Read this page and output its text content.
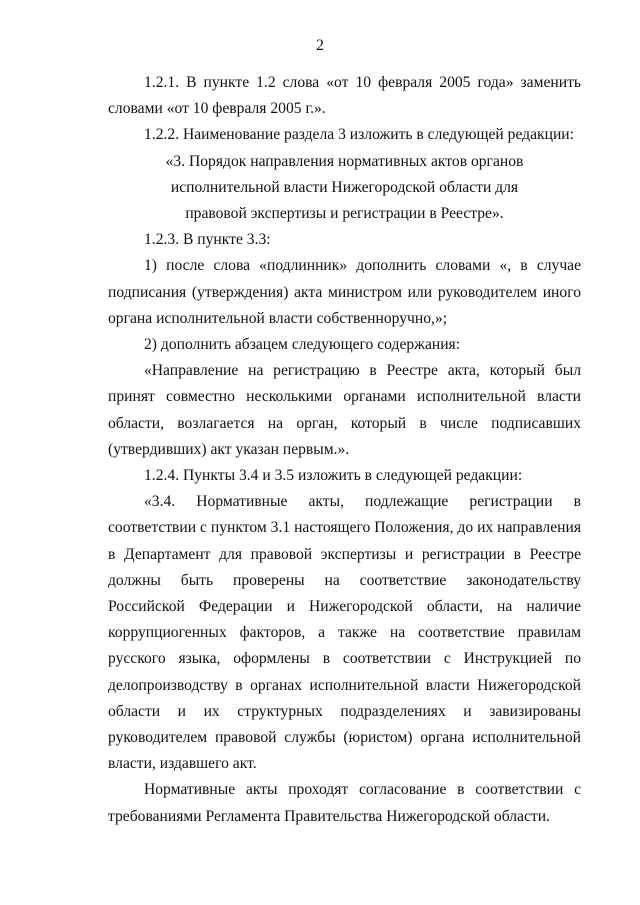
2

1.2.1. В пункте 1.2 слова «от 10 февраля 2005 года» заменить словами «от 10 февраля 2005 г.».

1.2.2. Наименование раздела 3 изложить в следующей редакции:

«3. Порядок направления нормативных актов органов исполнительной власти Нижегородской области для правовой экспертизы и регистрации в Реестре».

1.2.3. В пункте 3.3:

1) после слова «подлинник» дополнить словами «, в случае подписания (утверждения) акта министром или руководителем иного органа исполнительной власти собственноручно,»;

2) дополнить абзацем следующего содержания:

«Направление на регистрацию в Реестре акта, который был принят совместно несколькими органами исполнительной власти области, возлагается на орган, который в числе подписавших (утвердивших) акт указан первым.».

1.2.4. Пункты 3.4 и 3.5 изложить в следующей редакции:

«3.4. Нормативные акты, подлежащие регистрации в соответствии с пунктом 3.1 настоящего Положения, до их направления в Департамент для правовой экспертизы и регистрации в Реестре должны быть проверены на соответствие законодательству Российской Федерации и Нижегородской области, на наличие коррупциогенных факторов, а также на соответствие правилам русского языка, оформлены в соответствии с Инструкцией по делопроизводству в органах исполнительной власти Нижегородской области и их структурных подразделениях и завизированы руководителем правовой службы (юристом) органа исполнительной власти, издавшего акт.

Нормативные акты проходят согласование в соответствии с требованиями Регламента Правительства Нижегородской области.
